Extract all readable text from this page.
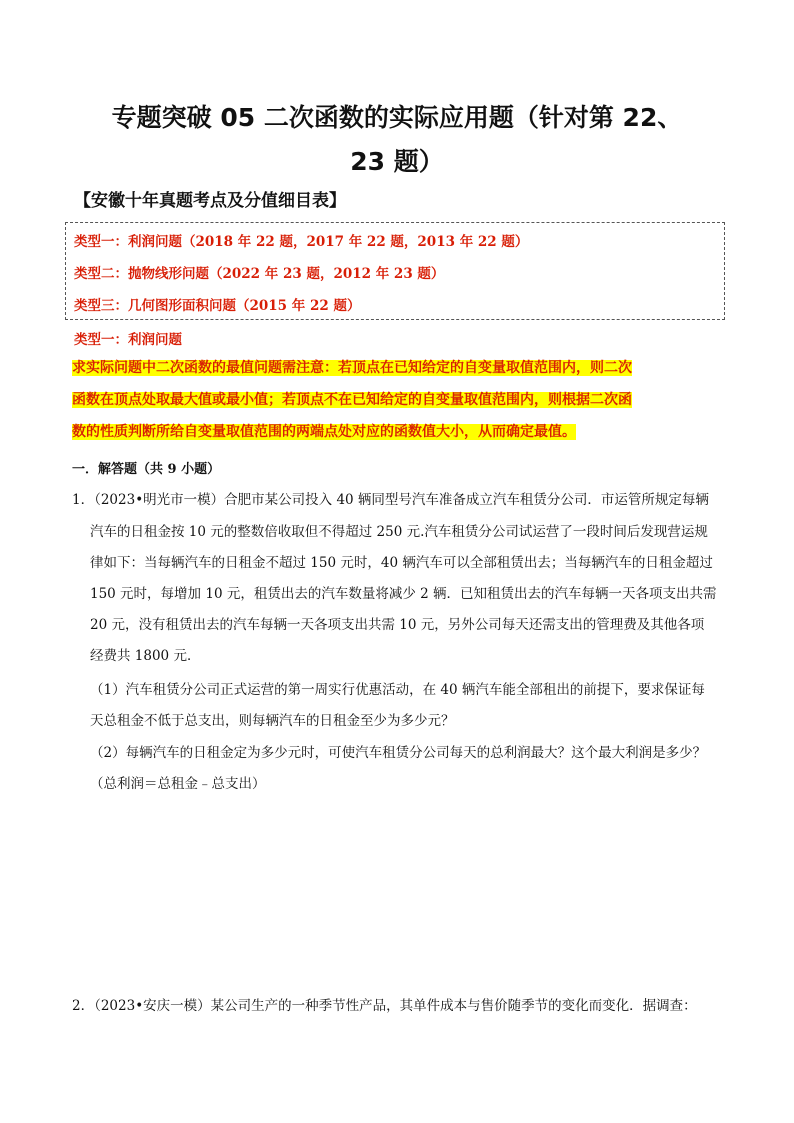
专题突破 05 二次函数的实际应用题（针对第 22、
23 题）
【安徽十年真题考点及分值细目表】
类型一：利润问题（2018 年 22 题，2017 年 22 题，2013 年 22 题）
类型二：抛物线形问题（2022 年 23 题，2012 年 23 题）
类型三：几何图形面积问题（2015 年 22 题）
类型一：利润问题
求实际问题中二次函数的最值问题需注意：若顶点在已知给定的自变量取值范围内，则二次
函数在顶点处取最大值或最小值；若顶点不在已知给定的自变量取值范围内，则根据二次函
数的性质判断所给自变量取值范围的两端点处对应的函数值大小，从而确定最值。
一．解答题（共 9 小题）
1．（2023•明光市一模）合肥市某公司投入 40 辆同型号汽车准备成立汽车租赁分公司．市运管所规定每辆
汽车的日租金按 10 元的整数倍收取但不得超过 250 元.汽车租赁分公司试运营了一段时间后发现营运规
律如下：当每辆汽车的日租金不超过 150 元时，40 辆汽车可以全部租赁出去；当每辆汽车的日租金超过
150 元时，每增加 10 元，租赁出去的汽车数量将减少 2 辆．已知租赁出去的汽车每辆一天各项支出共需
20 元，没有租赁出去的汽车每辆一天各项支出共需 10 元，另外公司每天还需支出的管理费及其他各项
经费共 1800 元．
（1）汽车租赁分公司正式运营的第一周实行优惠活动，在 40 辆汽车能全部租出的前提下，要求保证每
天总租金不低于总支出，则每辆汽车的日租金至少为多少元？
（2）每辆汽车的日租金定为多少元时，可使汽车租赁分公司每天的总利润最大？这个最大利润是多少？
（总利润＝总租金﹣总支出）
2．（2023•安庆一模）某公司生产的一种季节性产品，其单件成本与售价随季节的变化而变化．据调查：
